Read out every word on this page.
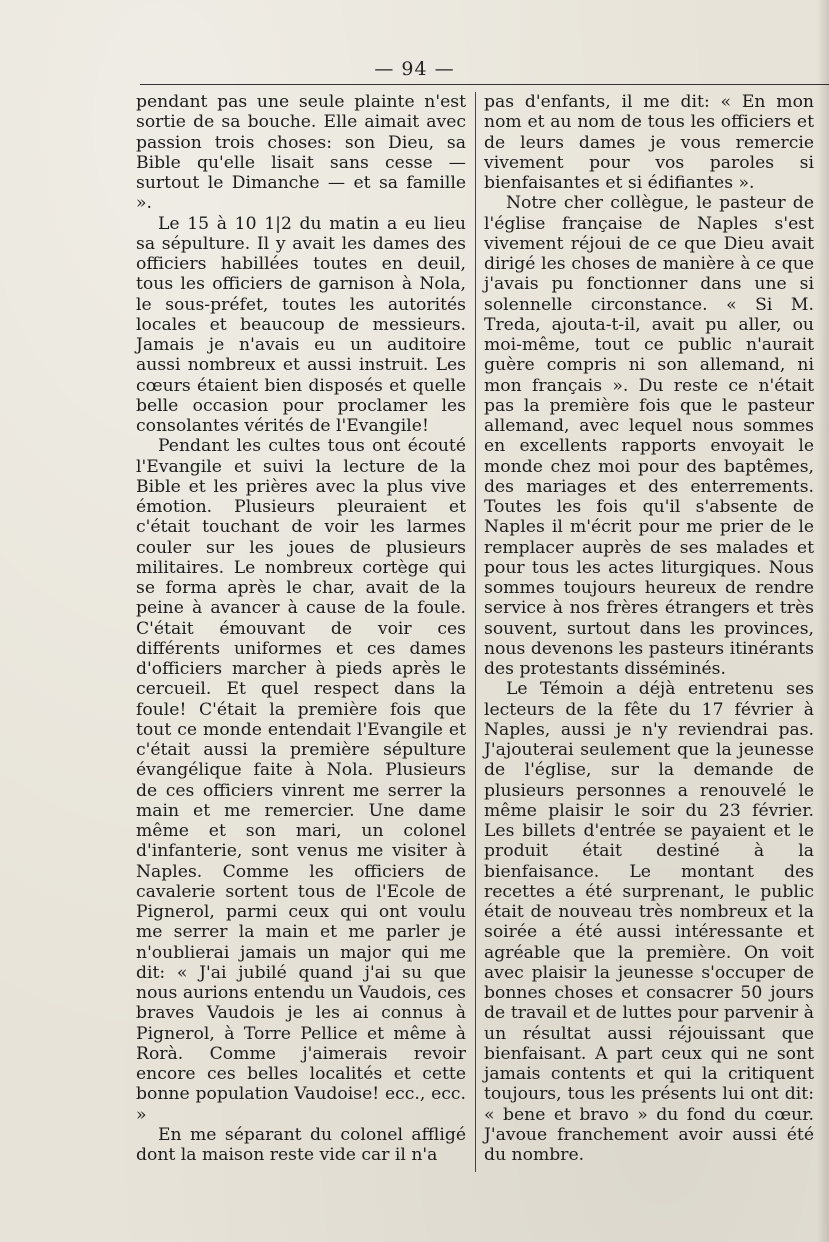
— 94 —

pendant pas une seule plainte n'est sortie de sa bouche. Elle aimait avec passion trois choses: son Dieu, sa Bible qu'elle lisait sans cesse — surtout le Dimanche — et sa famille ».

Le 15 à 10 1|2 du matin a eu lieu sa sépulture. Il y avait les dames des officiers habillées toutes en deuil, tous les officiers de garnison à Nola, le sous-préfet, toutes les autorités locales et beaucoup de messieurs. Jamais je n'avais eu un auditoire aussi nombreux et aussi instruit. Les cœurs étaient bien disposés et quelle belle occasion pour proclamer les consolantes vérités de l'Evangile!

Pendant les cultes tous ont écouté l'Evangile et suivi la lecture de la Bible et les prières avec la plus vive émotion. Plusieurs pleuraient et c'était touchant de voir les larmes couler sur les joues de plusieurs militaires. Le nombreux cortège qui se forma après le char, avait de la peine à avancer à cause de la foule. C'était émouvant de voir ces différents uniformes et ces dames d'officiers marcher à pieds après le cercueil. Et quel respect dans la foule! C'était la première fois que tout ce monde entendait l'Evangile et c'était aussi la première sépulture évangélique faite à Nola. Plusieurs de ces officiers vinrent me serrer la main et me remercier. Une dame même et son mari, un colonel d'infanterie, sont venus me visiter à Naples. Comme les officiers de cavalerie sortent tous de l'Ecole de Pignerol, parmi ceux qui ont voulu me serrer la main et me parler je n'oublierai jamais un major qui me dit: « J'ai jubilé quand j'ai su que nous aurions entendu un Vaudois, ces braves Vaudois je les ai connus à Pignerol, à Torre Pellice et même à Rorà. Comme j'aimerais revoir encore ces belles localités et cette bonne population Vaudoise! ecc., ecc. »

En me séparant du colonel affligé dont la maison reste vide car il n'a

pas d'enfants, il me dit: « En mon nom et au nom de tous les officiers et de leurs dames je vous remercie vivement pour vos paroles si bienfaisantes et si édifiantes ».

Notre cher collègue, le pasteur de l'église française de Naples s'est vivement réjoui de ce que Dieu avait dirigé les choses de manière à ce que j'avais pu fonctionner dans une si solennelle circonstance. « Si M. Treda, ajouta-t-il, avait pu aller, ou moi-même, tout ce public n'aurait guère compris ni son allemand, ni mon français ». Du reste ce n'était pas la première fois que le pasteur allemand, avec lequel nous sommes en excellents rapports envoyait le monde chez moi pour des baptêmes, des mariages et des enterrements. Toutes les fois qu'il s'absente de Naples il m'écrit pour me prier de le remplacer auprès de ses malades et pour tous les actes liturgiques. Nous sommes toujours heureux de rendre service à nos frères étrangers et très souvent, surtout dans les provinces, nous devenons les pasteurs itinérants des protestants disséminés.

Le Témoin a déjà entretenu ses lecteurs de la fête du 17 février à Naples, aussi je n'y reviendrai pas. J'ajouterai seulement que la jeunesse de l'église, sur la demande de plusieurs personnes a renouvelé le même plaisir le soir du 23 février. Les billets d'entrée se payaient et le produit était destiné à la bienfaisance. Le montant des recettes a été surprenant, le public était de nouveau très nombreux et la soirée a été aussi intéressante et agréable que la première. On voit avec plaisir la jeunesse s'occuper de bonnes choses et consacrer 50 jours de travail et de luttes pour parvenir à un résultat aussi réjouissant que bienfaisant. A part ceux qui ne sont jamais contents et qui la critiquent toujours, tous les présents lui ont dit: « bene et bravo » du fond du cœur. J'avoue franchement avoir aussi été du nombre.
